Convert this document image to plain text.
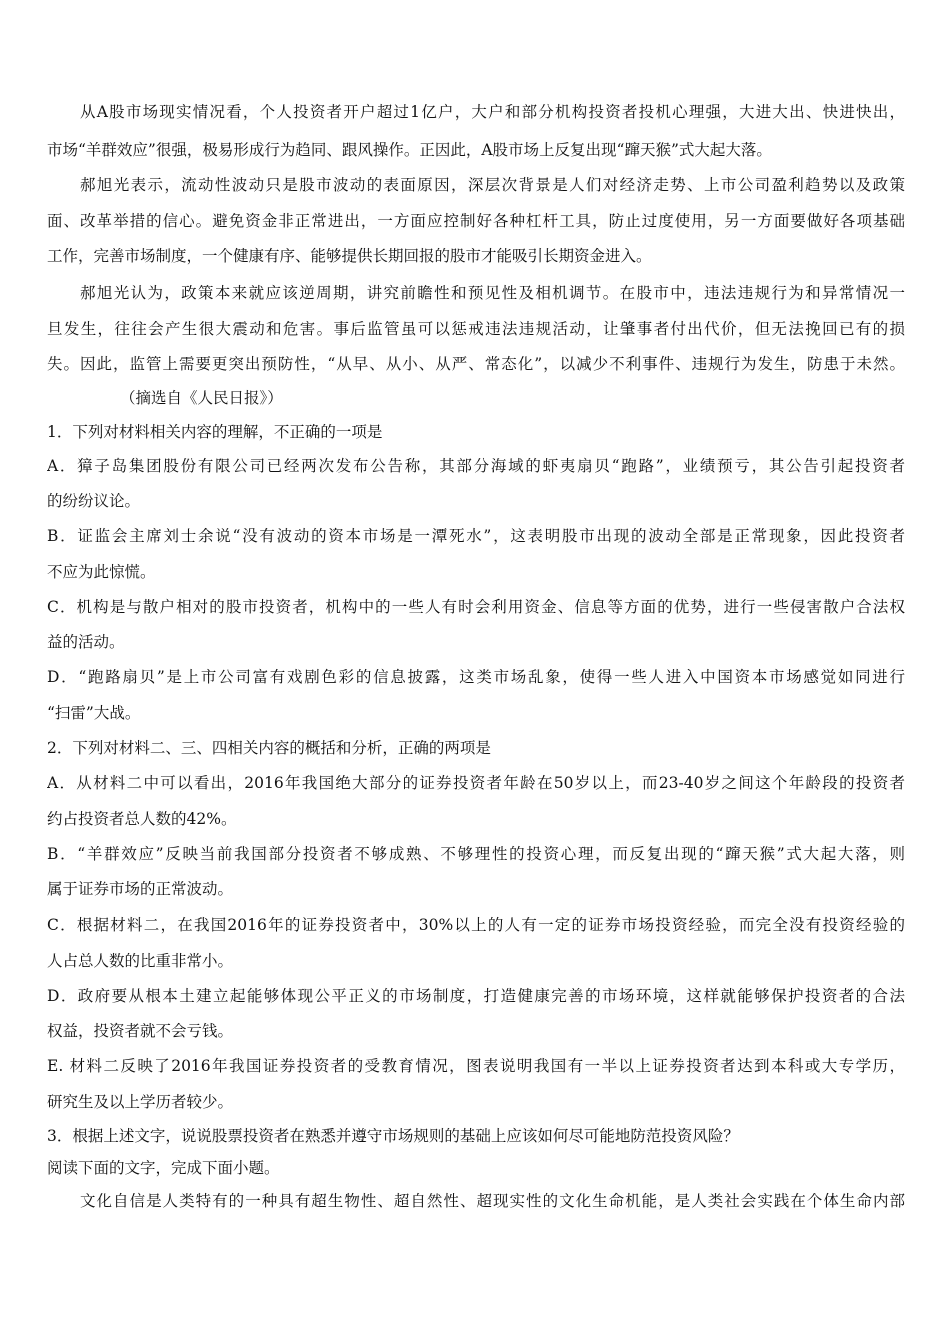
从A股市场现实情况看，个人投资者开户超过1亿户，大户和部分机构投资者投机心理强，大进大出、快进快出，
市场“羊群效应”很强，极易形成行为趋同、跟风操作。正因此，A股市场上反复出现“蹿天猴”式大起大落。
郝旭光表示，流动性波动只是股市波动的表面原因，深层次背景是人们对经济走势、上市公司盈利趋势以及政策
面、改革举措的信心。避免资金非正常进出，一方面应控制好各种杠杆工具，防止过度使用，另一方面要做好各项基础
工作，完善市场制度，一个健康有序、能够提供长期回报的股市才能吸引长期资金进入。
郝旭光认为，政策本来就应该逆周期，讲究前瞻性和预见性及相机调节。在股市中，违法违规行为和异常情况一
旦发生，往往会产生很大震动和危害。事后监管虽可以惩戒违法违规活动，让肇事者付出代价，但无法挽回已有的损
失。因此，监管上需要更突出预防性，“从早、从小、从严、常态化”，以减少不利事件、违规行为发生，防患于未然。
（摘选自《人民日报》）
1．下列对材料相关内容的理解，不正确的一项是
A．獐子岛集团股份有限公司已经两次发布公告称，其部分海域的虾夷扇贝“跑路”，业绩预亏，其公告引起投资者
的纷纷议论。
B．证监会主席刘士余说“没有波动的资本市场是一潭死水”，这表明股市出现的波动全部是正常现象，因此投资者
不应为此惊慌。
C．机构是与散户相对的股市投资者，机构中的一些人有时会利用资金、信息等方面的优势，进行一些侵害散户合法权
益的活动。
D．“跑路扇贝”是上市公司富有戏剧色彩的信息披露，这类市场乱象，使得一些人进入中国资本市场感觉如同进行
“扫雷”大战。
2．下列对材料二、三、四相关内容的概括和分析，正确的两项是
A．从材料二中可以看出，2016年我国绝大部分的证券投资者年龄在50岁以上，而23-40岁之间这个年龄段的投资者
约占投资者总人数的42%。
B．“羊群效应”反映当前我国部分投资者不够成熟、不够理性的投资心理，而反复出现的“蹿天猴”式大起大落，则
属于证券市场的正常波动。
C．根据材料二，在我国2016年的证券投资者中，30%以上的人有一定的证券市场投资经验，而完全没有投资经验的
人占总人数的比重非常小。
D．政府要从根本土建立起能够体现公平正义的市场制度，打造健康完善的市场环境，这样就能够保护投资者的合法
权益，投资者就不会亏钱。
E. 材料二反映了2016年我国证券投资者的受教育情况，图表说明我国有一半以上证券投资者达到本科或大专学历，
研究生及以上学历者较少。
3．根据上述文字，说说股票投资者在熟悉并遵守市场规则的基础上应该如何尽可能地防范投资风险？
阅读下面的文字，完成下面小题。
文化自信是人类特有的一种具有超生物性、超自然性、超现实性的文化生命机能，是人类社会实践在个体生命内部
